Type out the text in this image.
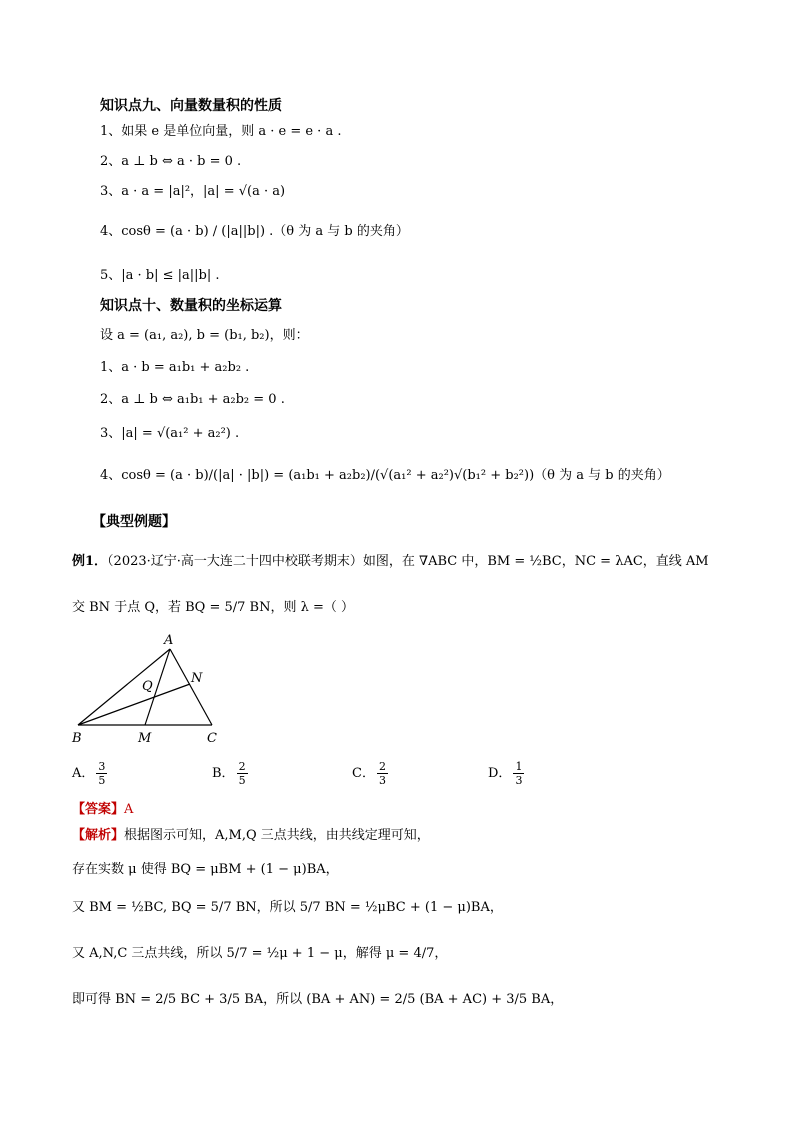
知识点九、向量数量积的性质
1、如果 e 是单位向量，则 a · e = e · a .
2、a ⊥ b ⇔ a · b = 0 .
3、a · a = |a|²，|a| = √(a · a)
4、cosθ = (a · b) / (|a||b|) .（θ 为 a 与 b 的夹角）
5、|a · b| ≤ |a||b| .
知识点十、数量积的坐标运算
设 a = (a₁, a₂), b = (b₁, b₂)，则：
1、a · b = a₁b₁ + a₂b₂ .
2、a ⊥ b ⇔ a₁b₁ + a₂b₂ = 0 .
3、|a| = √(a₁² + a₂²) .
4、cosθ = (a · b)/(|a| · |b|) = (a₁b₁ + a₂b₂)/(√(a₁² + a₂²)√(b₁² + b₂²))（θ 为 a 与 b 的夹角）
【典型例题】
例1．（2023·辽宁·高一大连二十四中校联考期末）如图，在 ∇ABC 中，BM = ½BC，NC = λAC，直线 AM
交 BN 于点 Q，若 BQ = 5/7 BN，则 λ =（ ）
A
Q
N
B	M	C
A． $\frac{3}{5}$	B． $\frac{2}{5}$	C． $\frac{2}{3}$	D． $\frac{1}{3}$
【答案】A
【解析】根据图示可知，A,M,Q 三点共线，由共线定理可知，
存在实数 μ 使得 BQ = μBM + (1 − μ)BA，
又 BM = ½BC, BQ = 5/7 BN，所以 5/7 BN = ½μBC + (1 − μ)BA，
又 A,N,C 三点共线，所以 5/7 = ½μ + 1 − μ，解得 μ = 4/7，
即可得 BN = 2/5 BC + 3/5 BA，所以 (BA + AN) = 2/5 (BA + AC) + 3/5 BA，
